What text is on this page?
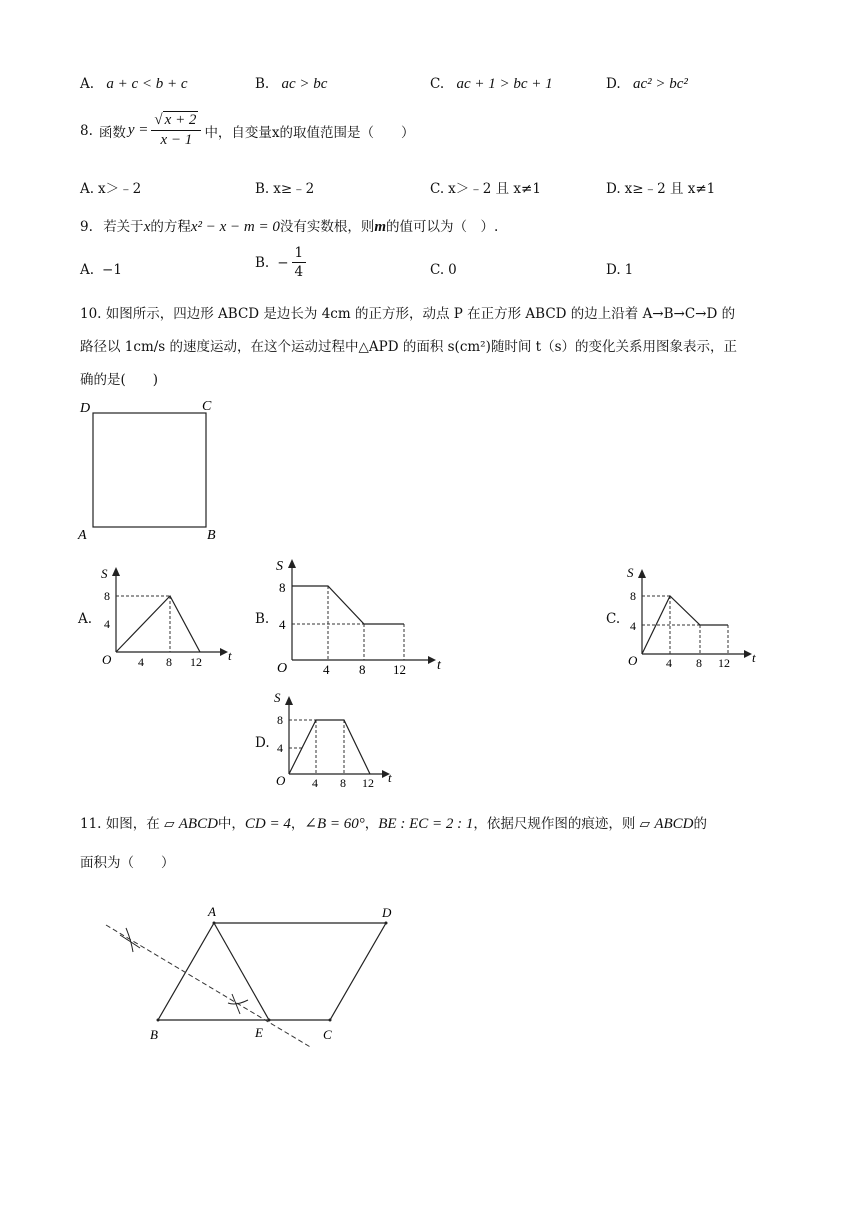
A. a + c < b + c	B. ac > bc	C. ac + 1 > bc + 1	D. ac² > bc²
8. 函数 $y = \frac{√ x + 2}{x - 1}$ 中，自变量x的取值范围是（　　）
A. x＞﹣2	B. x≥﹣2	C. x＞﹣2 且 x≠1	D. x≥﹣2 且 x≠1
9. 若关于x的方程x² − x − m = 0没有实数根，则m的值可以为（　）.
A. −1	B. − $\frac{1}{4}$	C. 0	D. 1
10. 如图所示，四边形 ABCD 是边长为 4cm 的正方形，动点 P 在正方形 ABCD 的边上沿着 A→B→C→D 的
路径以 1cm/s 的速度运动，在这个运动过程中△APD 的面积 s(cm²)随时间 t（s）的变化关系用图象表示，正
确的是(　　)
D	C
A	B
A.
S
t
O
8
4
4 8 12
B.
S
t
O
8
4
4 8 12
C.
S
t
O
8
4
4 8 12
D.
S
t
O
8
4
4 8 12
11. 如图，在 ▱ ABCD中，CD = 4，∠B = 60°，BE : EC = 2 : 1，依据尺规作图的痕迹，则 ▱ ABCD的
面积为（　　）
A	D
B	E	C
